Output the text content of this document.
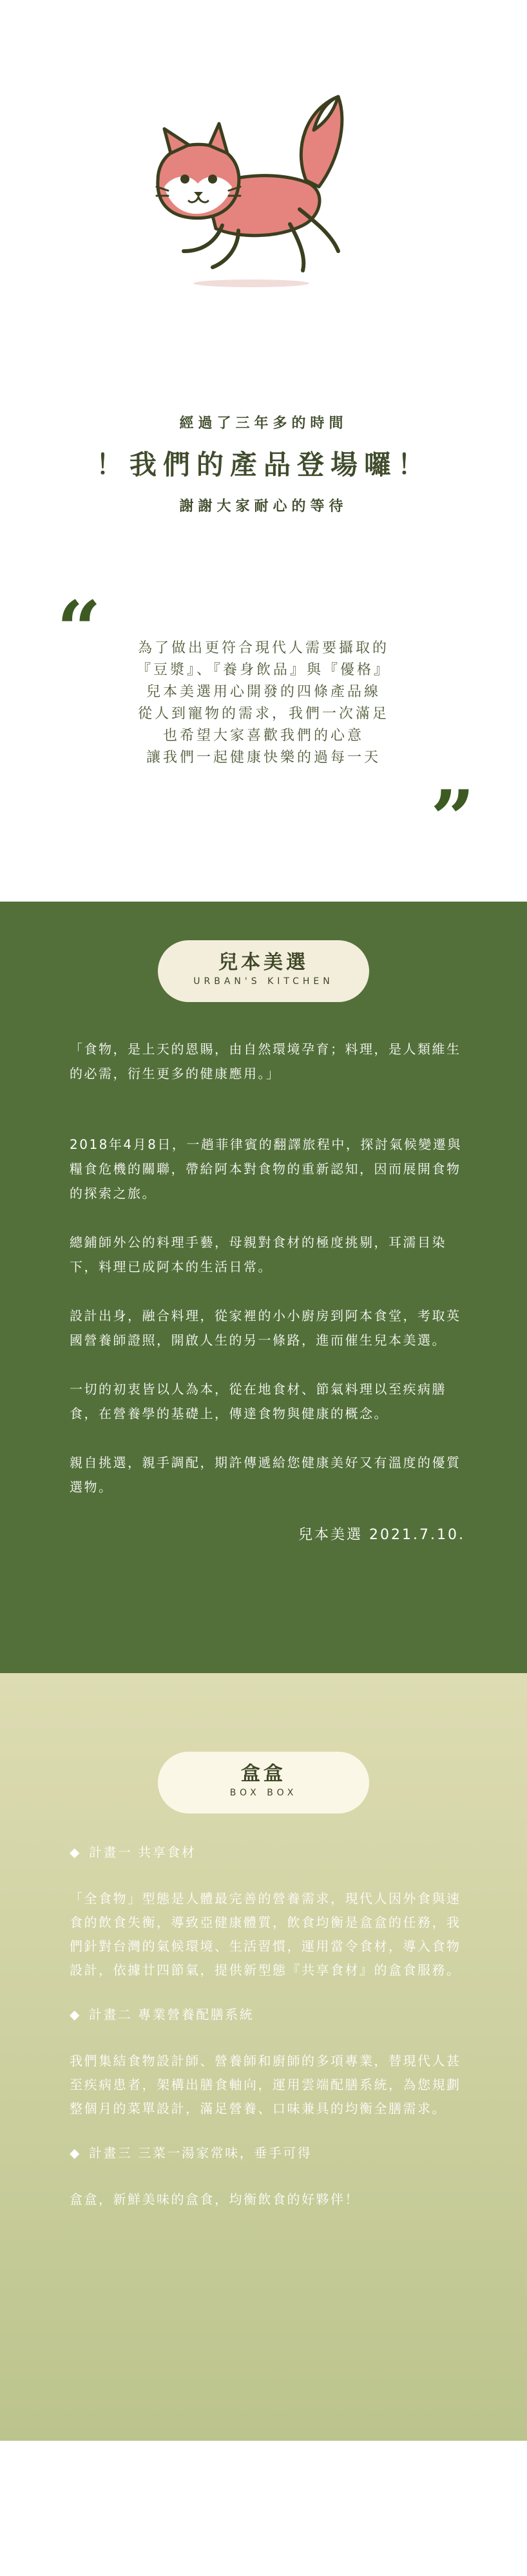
經過了三年多的時間
！我們的產品登場囉！
謝謝大家耐心的等待
“	為了做出更符合現代人需要攝取的
『豆漿』、『養身飲品』與『優格』
兒本美選用心開發的四條產品線
從人到寵物的需求，我們一次滿足
也希望大家喜歡我們的心意
讓我們一起健康快樂的過每一天
”
兒本美選
URBAN'S KITCHEN

「食物，是上天的恩賜，由自然環境孕育；料理，是人類維生的必需，衍生更多的健康應用。」

2018年4月8日，一趟菲律賓的翻譯旅程中，探討氣候變遷與糧食危機的關聯，帶給阿本對食物的重新認知，因而展開食物的探索之旅。

總鋪師外公的料理手藝，母親對食材的極度挑剔，耳濡目染下，料理已成阿本的生活日常。

設計出身，融合料理，從家裡的小小廚房到阿本食堂，考取英國營養師證照，開啟人生的另一條路，進而催生兒本美選。

一切的初衷皆以人為本，從在地食材、節氣料理以至疾病膳食，在營養學的基礎上，傳達食物與健康的概念。

親自挑選，親手調配，期許傳遞給您健康美好又有溫度的優質選物。

兒本美選 2021.7.10.
盒盒
BOX BOX
◆ 計畫一 共享食材

「全食物」型態是人體最完善的營養需求，現代人因外食與速食的飲食失衡，導致亞健康體質，飲食均衡是盒盒的任務，我們針對台灣的氣候環境、生活習慣，運用當令食材，導入食物設計，依據廿四節氣，提供新型態『共享食材』的盒食服務。

◆ 計畫二 專業營養配膳系統

我們集結食物設計師、營養師和廚師的多項專業，替現代人甚至疾病患者，架構出膳食軸向，運用雲端配膳系統，為您規劃整個月的菜單設計，滿足營養、口味兼具的均衡全膳需求。

◆ 計畫三 三菜一湯家常味，垂手可得

盒盒，新鮮美味的盒食，均衡飲食的好夥伴！
